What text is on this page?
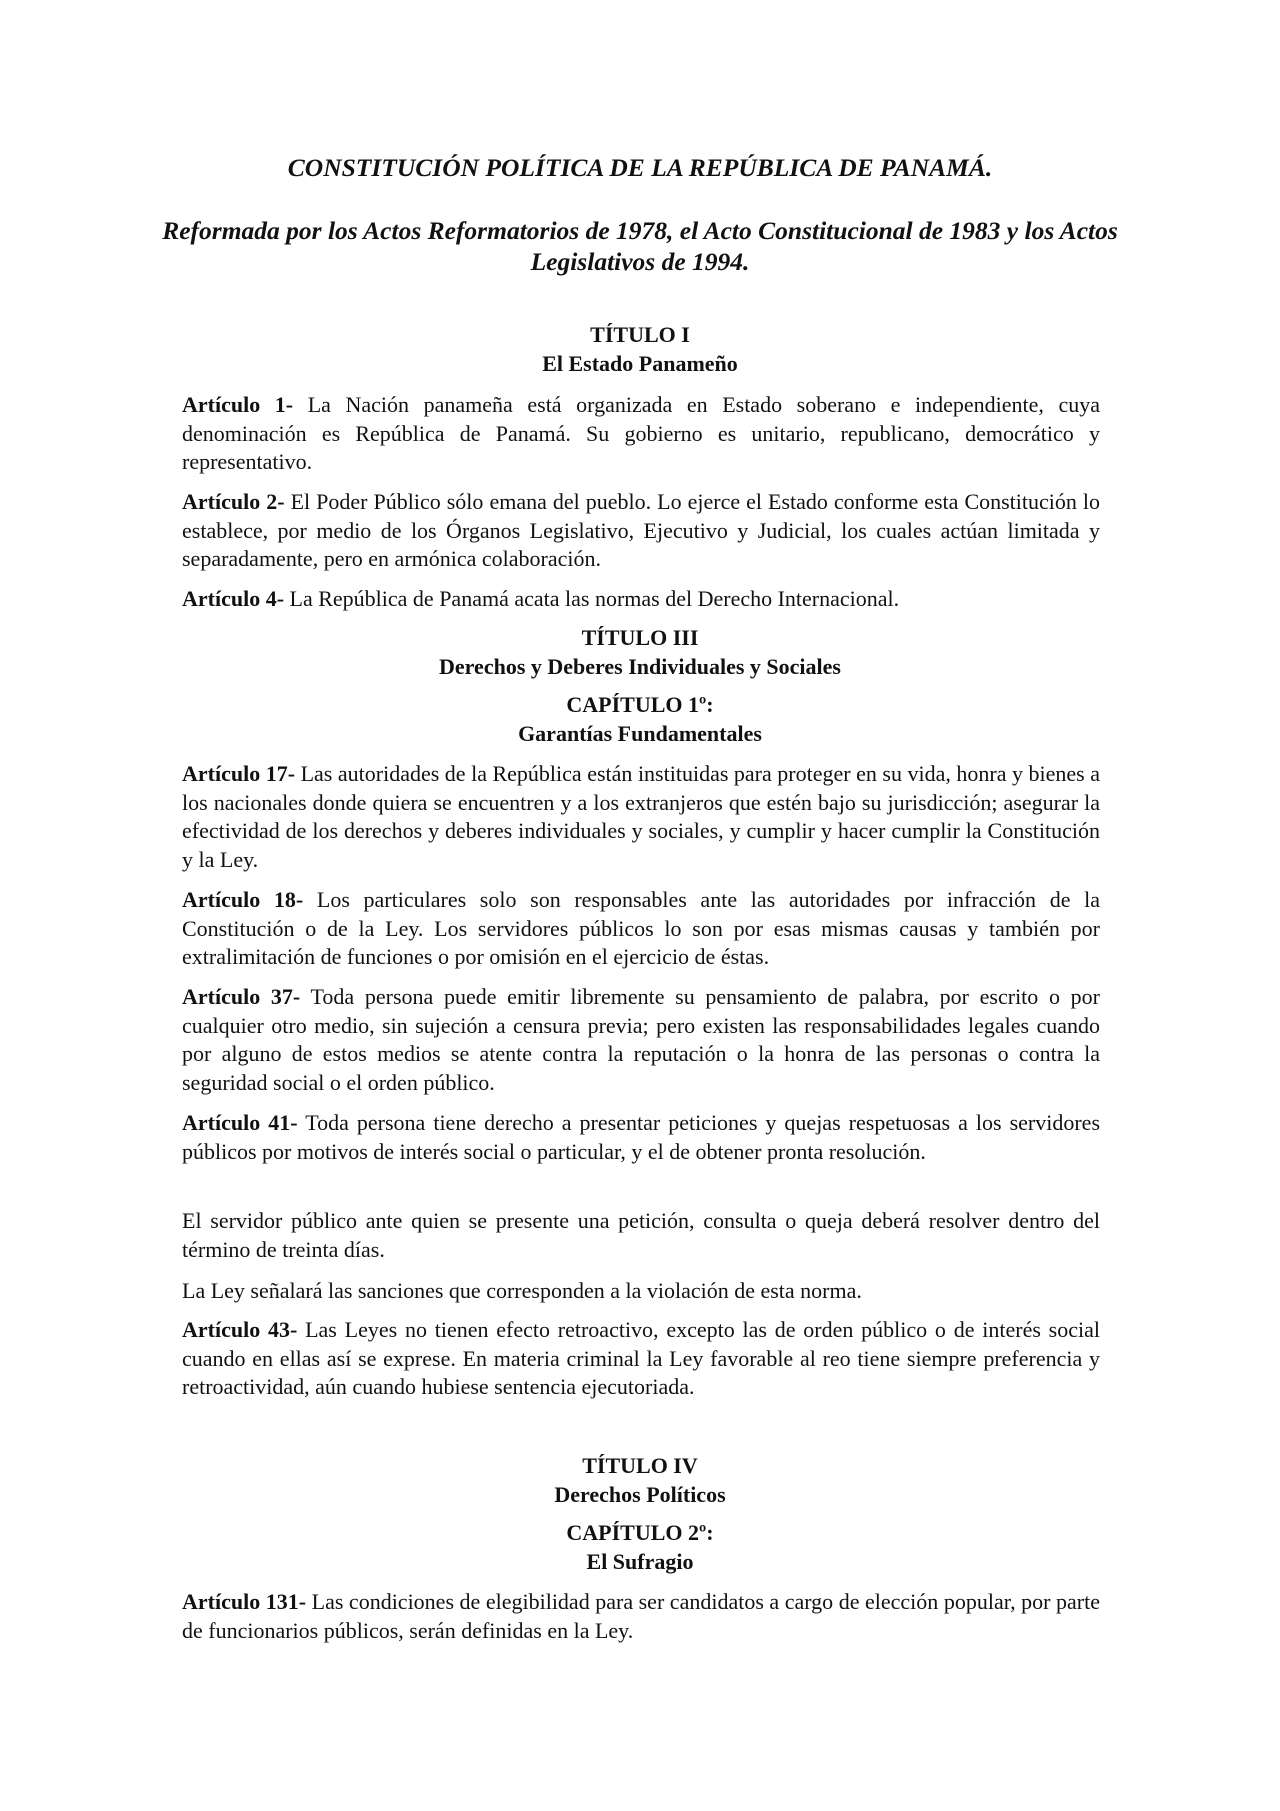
CONSTITUCIÓN POLÍTICA DE LA REPÚBLICA DE PANAMÁ.

Reformada por los Actos Reformatorios de 1978, el Acto Constitucional de 1983 y los Actos Legislativos de 1994.

TÍTULO I
El Estado Panameño

Artículo 1- La Nación panameña está organizada en Estado soberano e independiente, cuya denominación es República de Panamá. Su gobierno es unitario, republicano, democrático y representativo.

Artículo 2- El Poder Público sólo emana del pueblo. Lo ejerce el Estado conforme esta Constitución lo establece, por medio de los Órganos Legislativo, Ejecutivo y Judicial, los cuales actúan limitada y separadamente, pero en armónica colaboración.

Artículo 4- La República de Panamá acata las normas del Derecho Internacional.

TÍTULO III
Derechos y Deberes Individuales y Sociales
CAPÍTULO 1º:
Garantías Fundamentales

Artículo 17- Las autoridades de la República están instituidas para proteger en su vida, honra y bienes a los nacionales donde quiera se encuentren y a los extranjeros que estén bajo su jurisdicción; asegurar la efectividad de los derechos y deberes individuales y sociales, y cumplir y hacer cumplir la Constitución y la Ley.

Artículo 18- Los particulares solo son responsables ante las autoridades por infracción de la Constitución o de la Ley. Los servidores públicos lo son por esas mismas causas y también por extralimitación de funciones o por omisión en el ejercicio de éstas.

Artículo 37- Toda persona puede emitir libremente su pensamiento de palabra, por escrito o por cualquier otro medio, sin sujeción a censura previa; pero existen las responsabilidades legales cuando por alguno de estos medios se atente contra la reputación o la honra de las personas o contra la seguridad social o el orden público.

Artículo 41- Toda persona tiene derecho a presentar peticiones y quejas respetuosas a los servidores públicos por motivos de interés social o particular, y el de obtener pronta resolución.

El servidor público ante quien se presente una petición, consulta o queja deberá resolver dentro del término de treinta días.

La Ley señalará las sanciones que corresponden a la violación de esta norma.

Artículo 43- Las Leyes no tienen efecto retroactivo, excepto las de orden público o de interés social cuando en ellas así se exprese. En materia criminal la Ley favorable al reo tiene siempre preferencia y retroactividad, aún cuando hubiese sentencia ejecutoriada.

TÍTULO IV
Derechos Políticos
CAPÍTULO 2º:
El Sufragio

Artículo 131- Las condiciones de elegibilidad para ser candidatos a cargo de elección popular, por parte de funcionarios públicos, serán definidas en la Ley.
